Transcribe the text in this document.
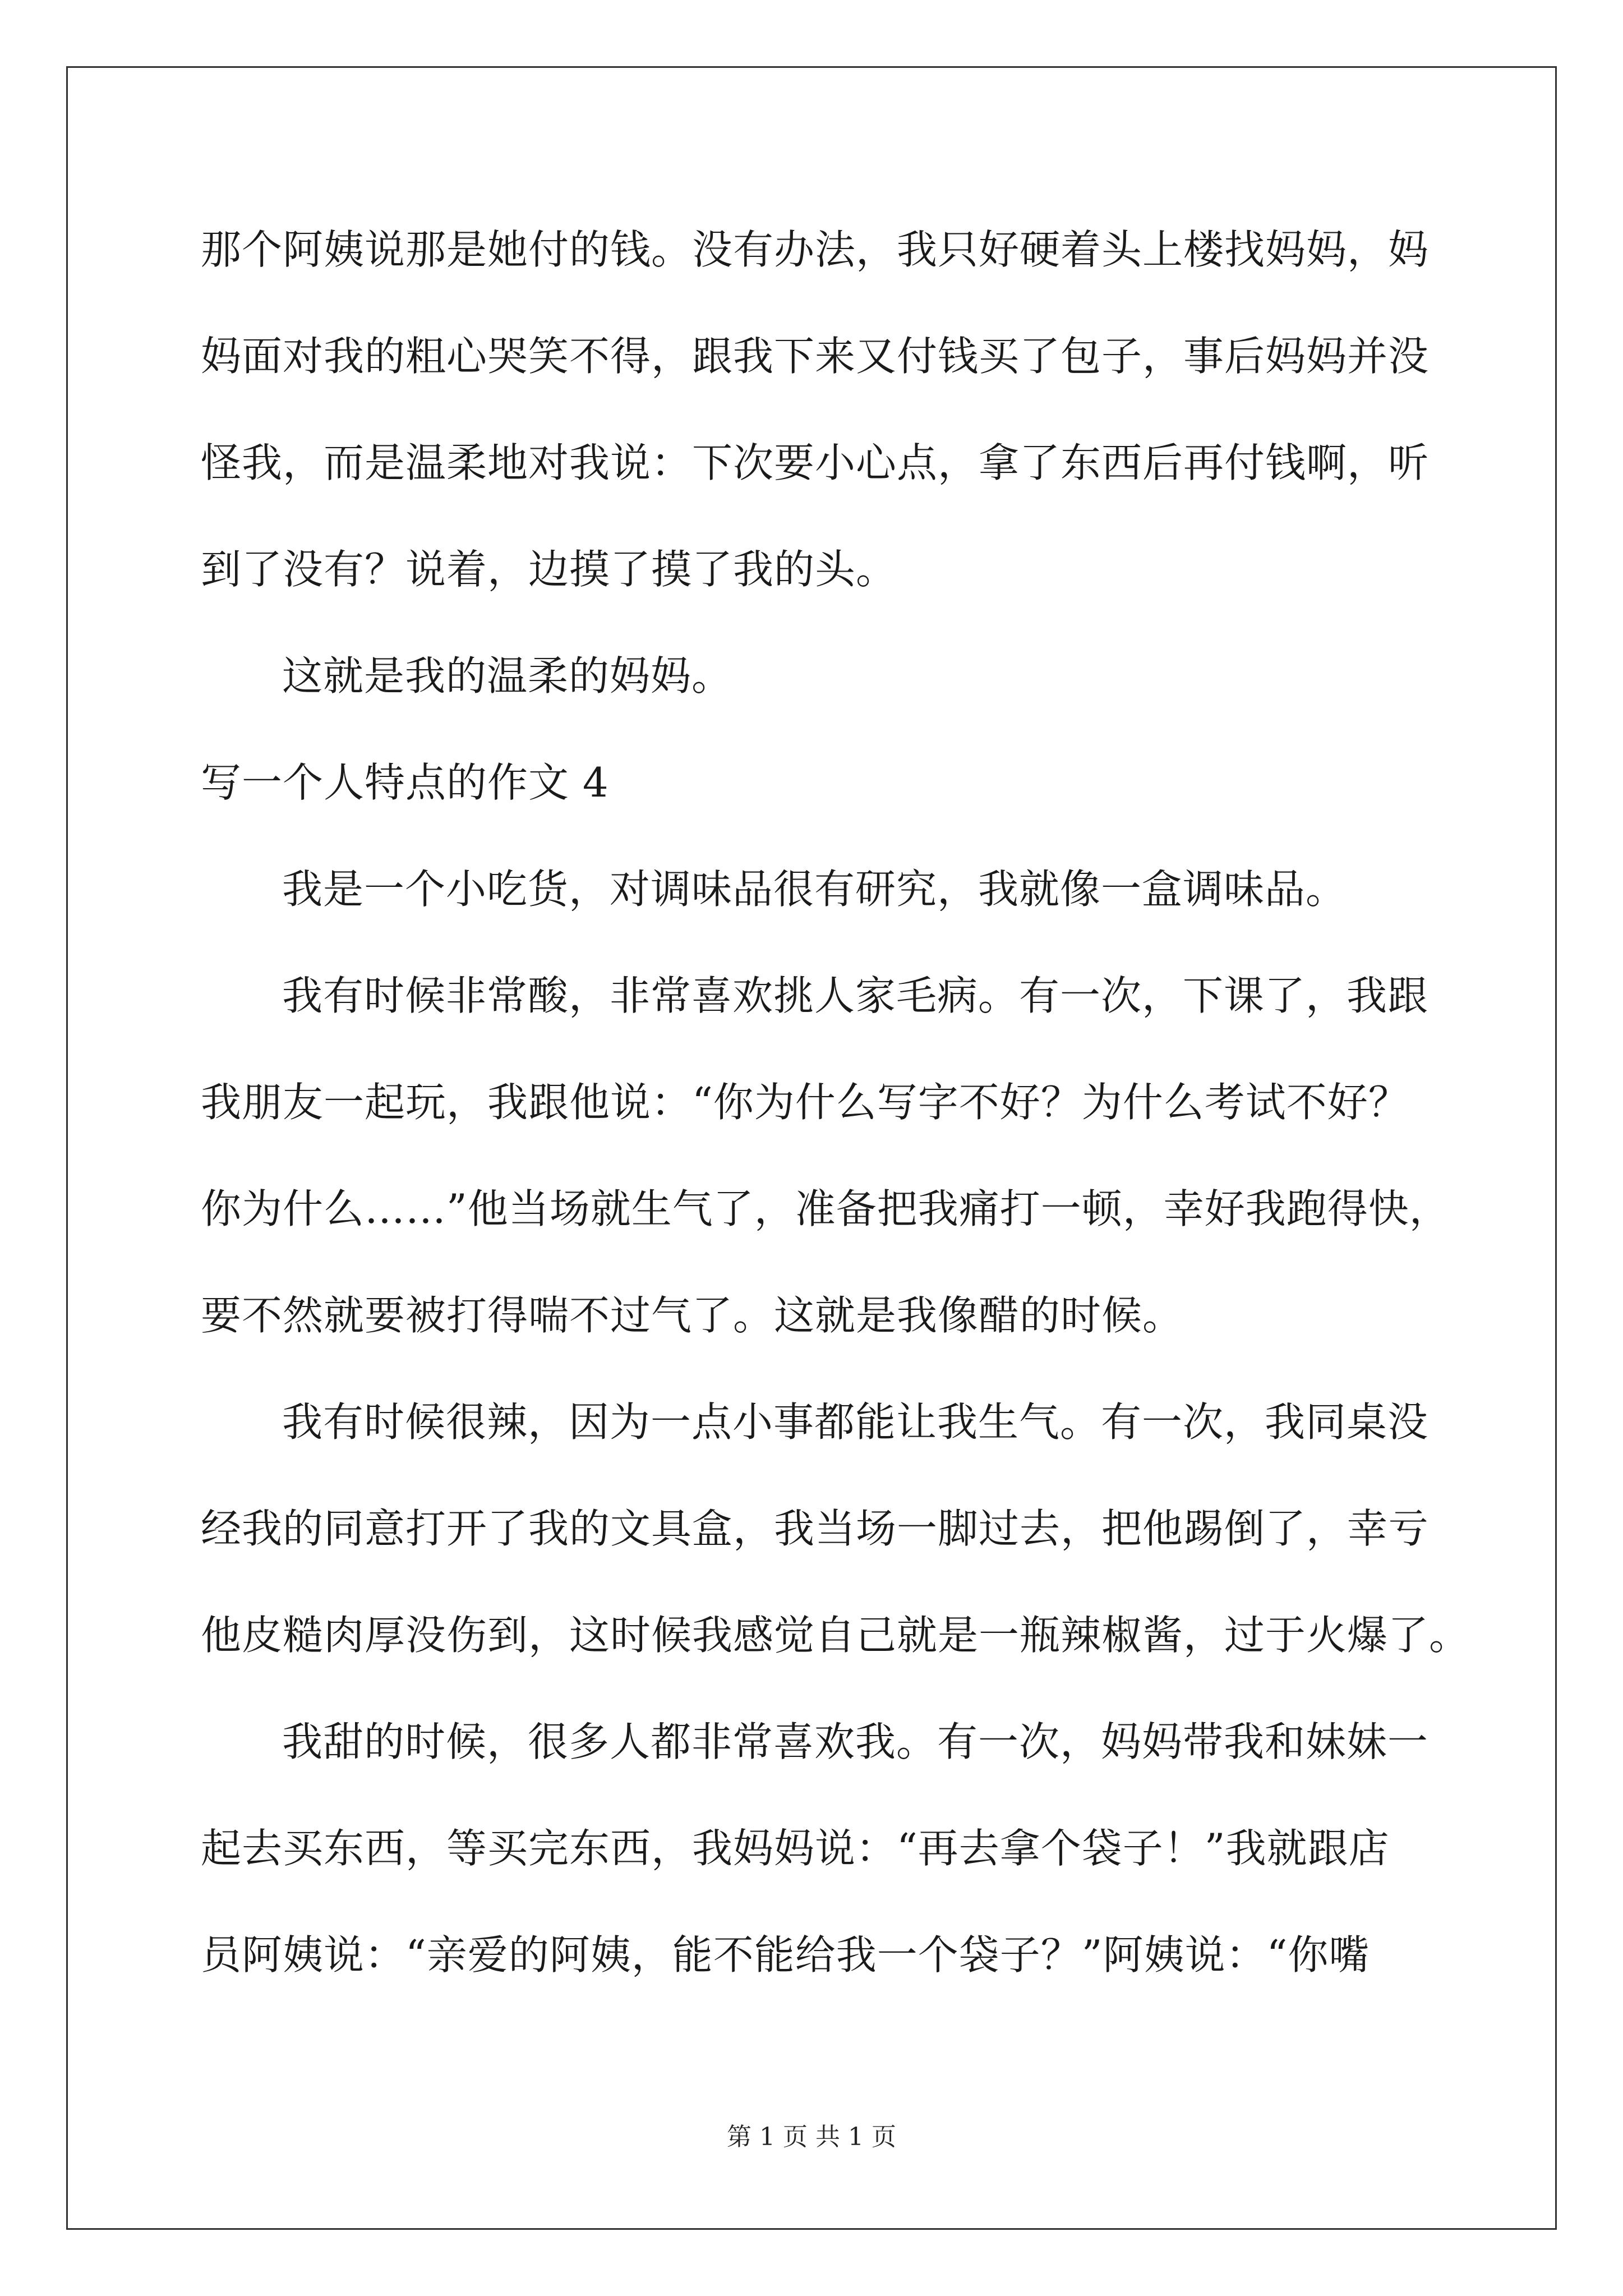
那个阿姨说那是她付的钱。没有办法，我只好硬着头上楼找妈妈，妈
妈面对我的粗心哭笑不得，跟我下来又付钱买了包子，事后妈妈并没
怪我，而是温柔地对我说：下次要小心点，拿了东西后再付钱啊，听
到了没有？说着，边摸了摸了我的头。
这就是我的温柔的妈妈。
写一个人特点的作文 4
我是一个小吃货，对调味品很有研究，我就像一盒调味品。
我有时候非常酸，非常喜欢挑人家毛病。有一次，下课了，我跟
我朋友一起玩，我跟他说：“你为什么写字不好？为什么考试不好？
你为什么……”他当场就生气了，准备把我痛打一顿，幸好我跑得快，
要不然就要被打得喘不过气了。这就是我像醋的时候。
我有时候很辣，因为一点小事都能让我生气。有一次，我同桌没
经我的同意打开了我的文具盒，我当场一脚过去，把他踢倒了，幸亏
他皮糙肉厚没伤到，这时候我感觉自己就是一瓶辣椒酱，过于火爆了。
我甜的时候，很多人都非常喜欢我。有一次，妈妈带我和妹妹一
起去买东西，等买完东西，我妈妈说：“再去拿个袋子！”我就跟店
员阿姨说：“亲爱的阿姨，能不能给我一个袋子？”阿姨说：“你嘴
第 1 页 共 1 页
